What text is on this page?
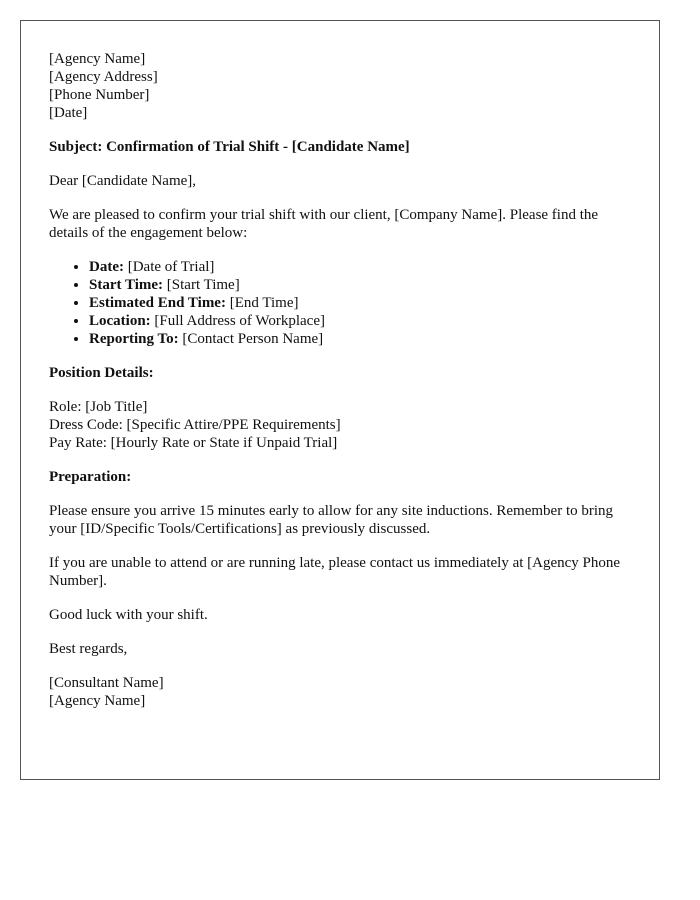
[Agency Name]
[Agency Address]
[Phone Number]
[Date]
Subject: Confirmation of Trial Shift - [Candidate Name]
Dear [Candidate Name],

We are pleased to confirm your trial shift with our client, [Company Name]. Please find the details of the engagement below:

• Date: [Date of Trial]
• Start Time: [Start Time]
• Estimated End Time: [End Time]
• Location: [Full Address of Workplace]
• Reporting To: [Contact Person Name]
Position Details:
Role: [Job Title]
Dress Code: [Specific Attire/PPE Requirements]
Pay Rate: [Hourly Rate or State if Unpaid Trial]
Preparation:

Please ensure you arrive 15 minutes early to allow for any site inductions. Remember to bring your [ID/Specific Tools/Certifications] as previously discussed.

If you are unable to attend or are running late, please contact us immediately at [Agency Phone Number].

Good luck with your shift.

Best regards,

[Consultant Name]
[Agency Name]
